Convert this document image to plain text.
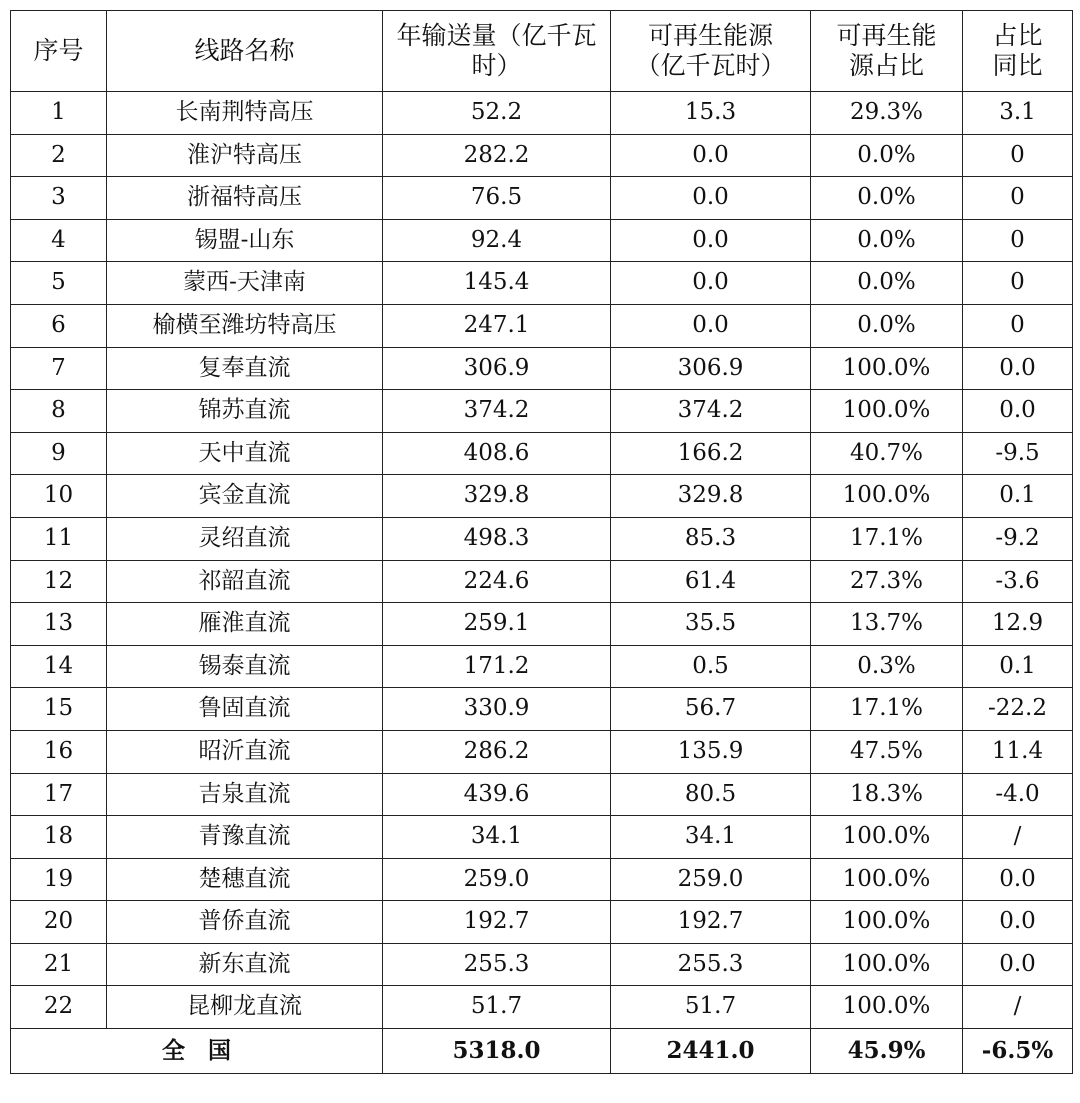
序号	线路名称	年输送量（亿千瓦时）	可再生能源（亿千瓦时）	可再生能源占比	占比同比
1	长南荆特高压	52.2	15.3	29.3%	3.1
2	淮沪特高压	282.2	0.0	0.0%	0
3	浙福特高压	76.5	0.0	0.0%	0
4	锡盟-山东	92.4	0.0	0.0%	0
5	蒙西-天津南	145.4	0.0	0.0%	0
6	榆横至潍坊特高压	247.1	0.0	0.0%	0
7	复奉直流	306.9	306.9	100.0%	0.0
8	锦苏直流	374.2	374.2	100.0%	0.0
9	天中直流	408.6	166.2	40.7%	-9.5
10	宾金直流	329.8	329.8	100.0%	0.1
11	灵绍直流	498.3	85.3	17.1%	-9.2
12	祁韶直流	224.6	61.4	27.3%	-3.6
13	雁淮直流	259.1	35.5	13.7%	12.9
14	锡泰直流	171.2	0.5	0.3%	0.1
15	鲁固直流	330.9	56.7	17.1%	-22.2
16	昭沂直流	286.2	135.9	47.5%	11.4
17	吉泉直流	439.6	80.5	18.3%	-4.0
18	青豫直流	34.1	34.1	100.0%	/
19	楚穗直流	259.0	259.0	100.0%	0.0
20	普侨直流	192.7	192.7	100.0%	0.0
21	新东直流	255.3	255.3	100.0%	0.0
22	昆柳龙直流	51.7	51.7	100.0%	/
全　国		5318.0	2441.0	45.9%	-6.5%
